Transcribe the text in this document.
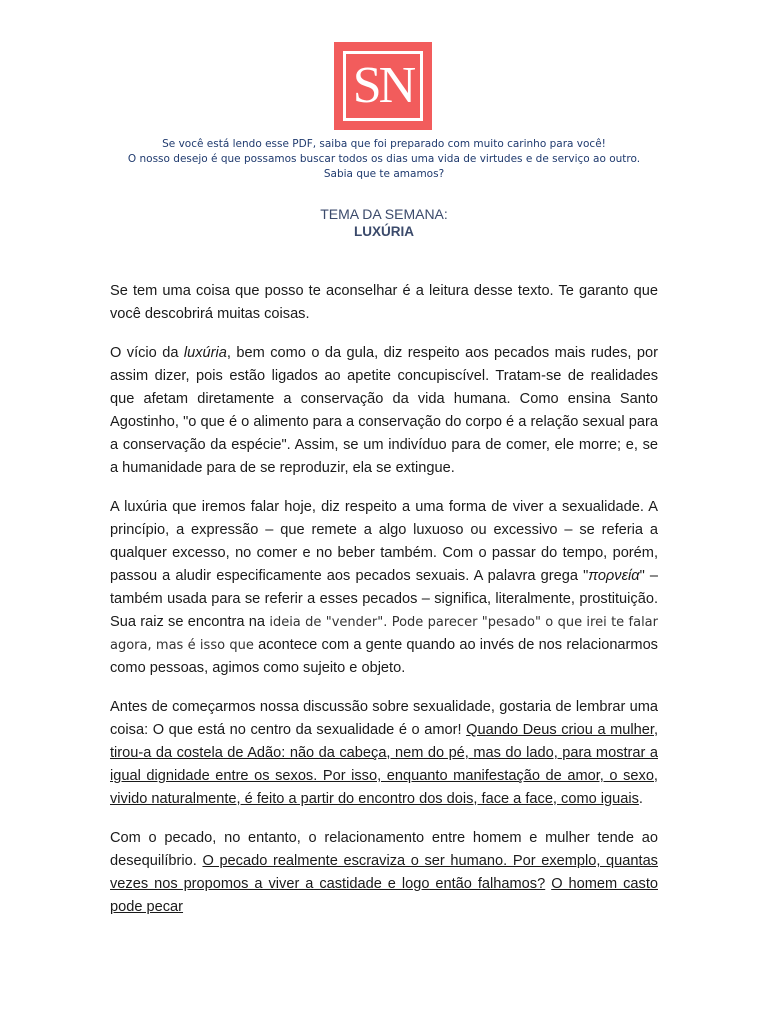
SN
Se você está lendo esse PDF, saiba que foi preparado com muito carinho para você!
O nosso desejo é que possamos buscar todos os dias uma vida de virtudes e de serviço ao outro.
Sabia que te amamos?
TEMA DA SEMANA:
LUXÚRIA

Se tem uma coisa que posso te aconselhar é a leitura desse texto. Te garanto que você descobrirá muitas coisas.

O vício da luxúria, bem como o da gula, diz respeito aos pecados mais rudes, por assim dizer, pois estão ligados ao apetite concupiscível. Tratam-se de realidades que afetam diretamente a conservação da vida humana. Como ensina Santo Agostinho, "o que é o alimento para a conservação do corpo é a relação sexual para a conservação da espécie". Assim, se um indivíduo para de comer, ele morre; e, se a humanidade para de se reproduzir, ela se extingue.

A luxúria que iremos falar hoje, diz respeito a uma forma de viver a sexualidade. A princípio, a expressão – que remete a algo luxuoso ou excessivo – se referia a qualquer excesso, no comer e no beber também. Com o passar do tempo, porém, passou a aludir especificamente aos pecados sexuais. A palavra grega "πορνεία" – também usada para se referir a esses pecados – significa, literalmente, prostituição. Sua raiz se encontra na ideia de "vender". Pode parecer "pesado" o que irei te falar agora, mas é isso que acontece com a gente quando ao invés de nos relacionarmos como pessoas, agimos como sujeito e objeto.

Antes de começarmos nossa discussão sobre sexualidade, gostaria de lembrar uma coisa: O que está no centro da sexualidade é o amor! Quando Deus criou a mulher, tirou-a da costela de Adão: não da cabeça, nem do pé, mas do lado, para mostrar a igual dignidade entre os sexos. Por isso, enquanto manifestação de amor, o sexo, vivido naturalmente, é feito a partir do encontro dos dois, face a face, como iguais.

Com o pecado, no entanto, o relacionamento entre homem e mulher tende ao desequilíbrio. O pecado realmente escraviza o ser humano. Por exemplo, quantas vezes nos propomos a viver a castidade e logo então falhamos? O homem casto pode pecar
